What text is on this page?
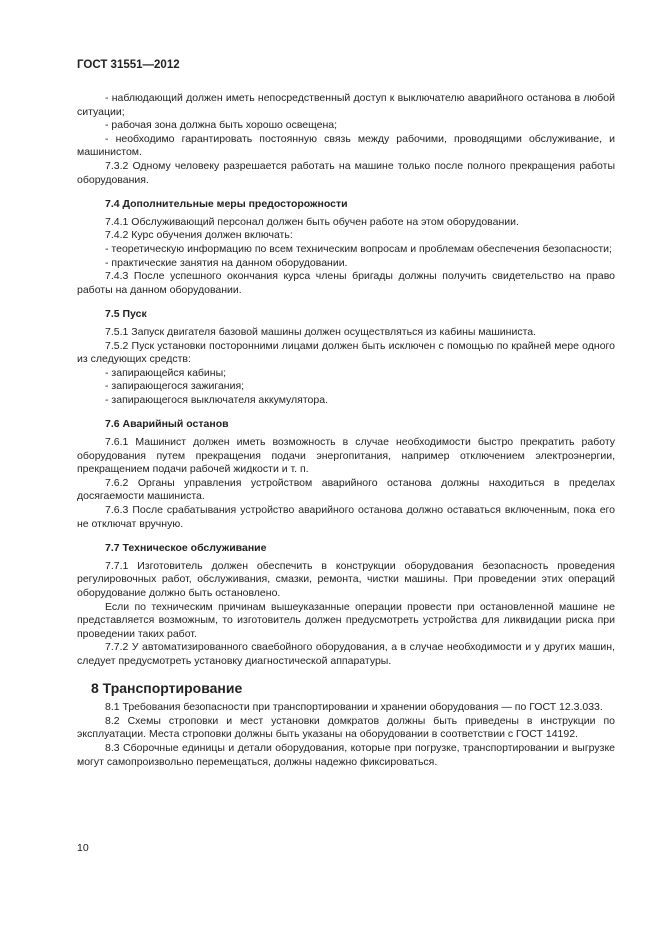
ГОСТ 31551—2012

- наблюдающий должен иметь непосредственный доступ к выключателю аварийного останова в любой ситуации;

- рабочая зона должна быть хорошо освещена;

- необходимо гарантировать постоянную связь между рабочими, проводящими обслуживание, и машинистом.

7.3.2 Одному человеку разрешается работать на машине только после полного прекращения работы оборудования.

7.4 Дополнительные меры предосторожности

7.4.1 Обслуживающий персонал должен быть обучен работе на этом оборудовании.

7.4.2 Курс обучения должен включать:

- теоретическую информацию по всем техническим вопросам и проблемам обеспечения безопасности;

- практические занятия на данном оборудовании.

7.4.3 После успешного окончания курса члены бригады должны получить свидетельство на право работы на данном оборудовании.

7.5 Пуск

7.5.1 Запуск двигателя базовой машины должен осуществляться из кабины машиниста.

7.5.2 Пуск установки посторонними лицами должен быть исключен с помощью по крайней мере одного из следующих средств:

- запирающейся кабины;

- запирающегося зажигания;

- запирающегося выключателя аккумулятора.

7.6 Аварийный останов

7.6.1 Машинист должен иметь возможность в случае необходимости быстро прекратить работу оборудования путем прекращения подачи энергопитания, например отключением электроэнергии, прекращением подачи рабочей жидкости и т. п.

7.6.2 Органы управления устройством аварийного останова должны находиться в пределах досягаемости машиниста.

7.6.3 После срабатывания устройство аварийного останова должно оставаться включенным, пока его не отключат вручную.

7.7 Техническое обслуживание

7.7.1 Изготовитель должен обеспечить в конструкции оборудования безопасность проведения регулировочных работ, обслуживания, смазки, ремонта, чистки машины. При проведении этих операций оборудование должно быть остановлено.

Если по техническим причинам вышеуказанные операции провести при остановленной машине не представляется возможным, то изготовитель должен предусмотреть устройства для ликвидации риска при проведении таких работ.

7.7.2 У автоматизированного сваебойного оборудования, а в случае необходимости и у других машин, следует предусмотреть установку диагностической аппаратуры.

8 Транспортирование

8.1 Требования безопасности при транспортировании и хранении оборудования — по ГОСТ 12.3.033.

8.2 Схемы строповки и мест установки домкратов должны быть приведены в инструкции по эксплуатации. Места строповки должны быть указаны на оборудовании в соответствии с ГОСТ 14192.

8.3 Сборочные единицы и детали оборудования, которые при погрузке, транспортировании и выгрузке могут самопроизвольно перемещаться, должны надежно фиксироваться.

10
